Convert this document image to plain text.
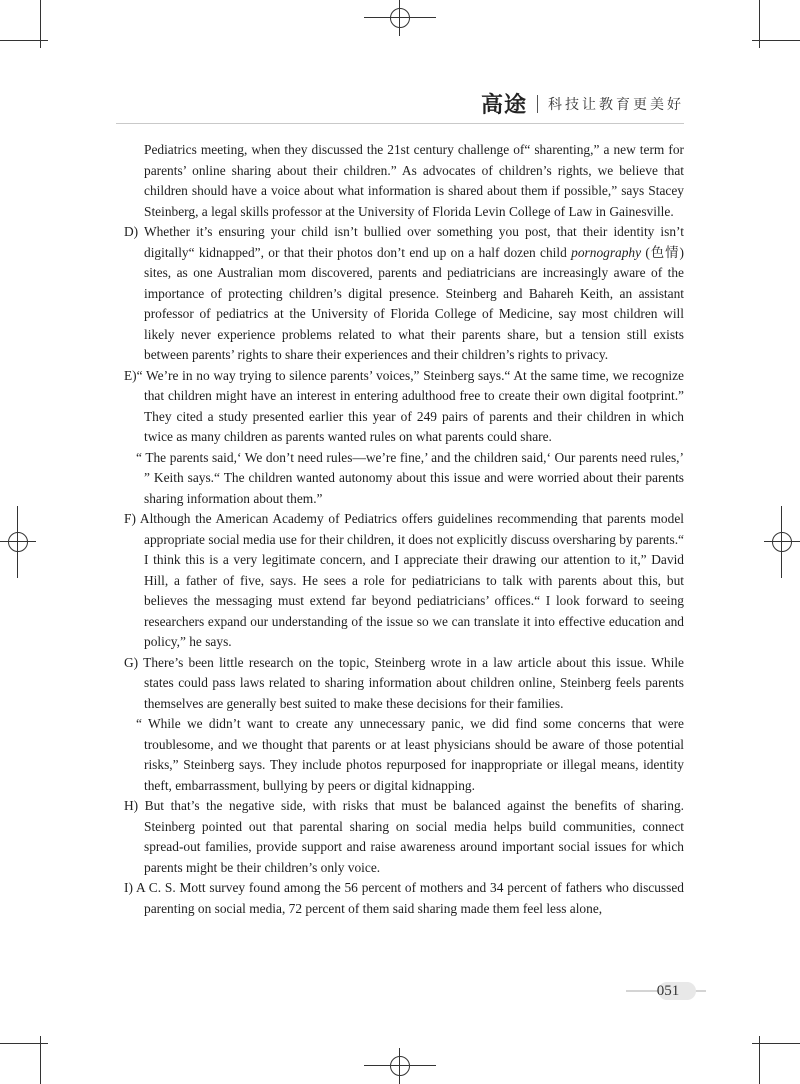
高途 科技让教育更美好

Pediatrics meeting, when they discussed the 21st century challenge of“ sharenting,” a new term for parents’ online sharing about their children.” As advocates of children’s rights, we believe that children should have a voice about what information is shared about them if possible,” says Stacey Steinberg, a legal skills professor at the University of Florida Levin College of Law in Gainesville.

D) Whether it’s ensuring your child isn’t bullied over something you post, that their identity isn’t digitally“ kidnapped”, or that their photos don’t end up on a half dozen child pornography (色情) sites, as one Australian mom discovered, parents and pediatricians are increasingly aware of the importance of protecting children’s digital presence. Steinberg and Bahareh Keith, an assistant professor of pediatrics at the University of Florida College of Medicine, say most children will likely never experience problems related to what their parents share, but a tension still exists between parents’ rights to share their experiences and their children’s rights to privacy.

E)“ We’re in no way trying to silence parents’ voices,” Steinberg says.“ At the same time, we recognize that children might have an interest in entering adulthood free to create their own digital footprint.” They cited a study presented earlier this year of 249 pairs of parents and their children in which twice as many children as parents wanted rules on what parents could share.

“ The parents said,‘ We don’t need rules—we’re fine,’ and the children said,‘ Our parents need rules,’ ” Keith says.“ The children wanted autonomy about this issue and were worried about their parents sharing information about them.”

F) Although the American Academy of Pediatrics offers guidelines recommending that parents model appropriate social media use for their children, it does not explicitly discuss oversharing by parents.“ I think this is a very legitimate concern, and I appreciate their drawing our attention to it,” David Hill, a father of five, says. He sees a role for pediatricians to talk with parents about this, but believes the messaging must extend far beyond pediatricians’ offices.“ I look forward to seeing researchers expand our understanding of the issue so we can translate it into effective education and policy,” he says.

G) There’s been little research on the topic, Steinberg wrote in a law article about this issue. While states could pass laws related to sharing information about children online, Steinberg feels parents themselves are generally best suited to make these decisions for their families.

“ While we didn’t want to create any unnecessary panic, we did find some concerns that were troublesome, and we thought that parents or at least physicians should be aware of those potential risks,” Steinberg says. They include photos repurposed for inappropriate or illegal means, identity theft, embarrassment, bullying by peers or digital kidnapping.

H) But that’s the negative side, with risks that must be balanced against the benefits of sharing. Steinberg pointed out that parental sharing on social media helps build communities, connect spread-out families, provide support and raise awareness around important social issues for which parents might be their children’s only voice.

I) A C. S. Mott survey found among the 56 percent of mothers and 34 percent of fathers who discussed parenting on social media, 72 percent of them said sharing made them feel less alone,

051
